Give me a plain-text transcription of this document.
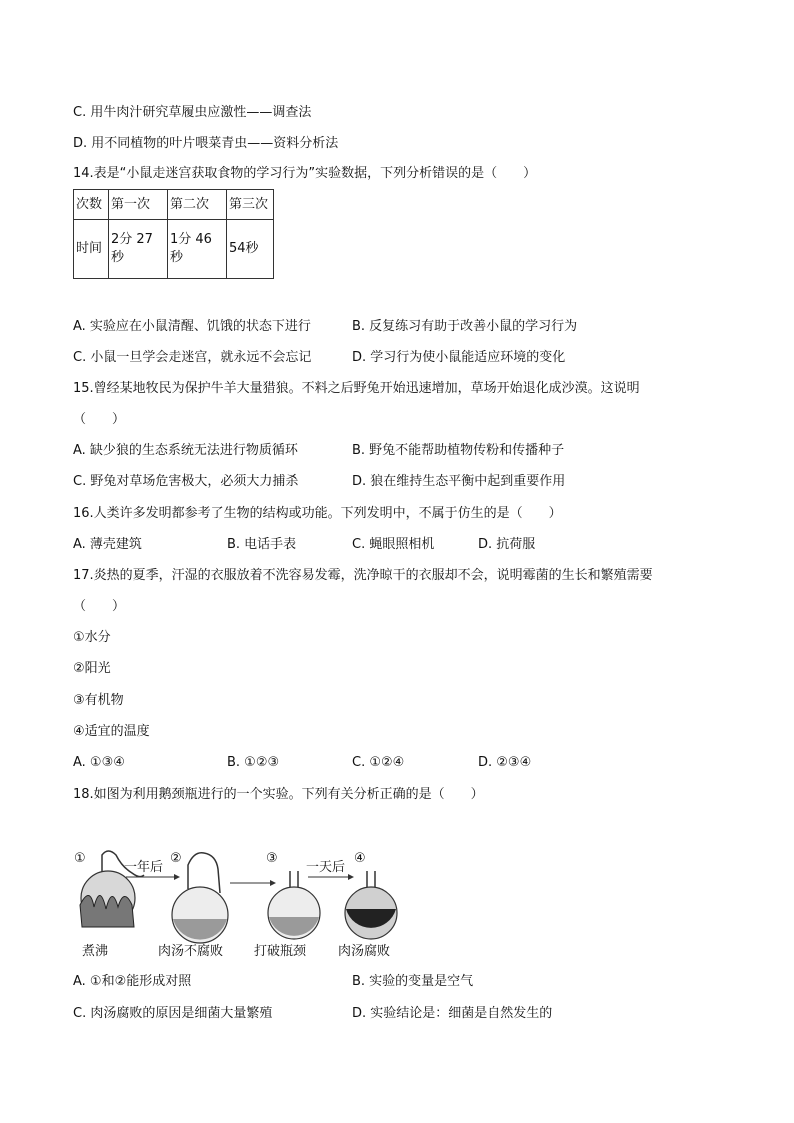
C. 用牛肉汁研究草履虫应激性——调查法
D. 用不同植物的叶片喂菜青虫——资料分析法
14.表是“小鼠走迷宫获取食物的学习行为”实验数据，下列分析错误的是（　　）
次数	第一次	第二次	第三次
时间	2分 27秒	1分 46秒	54秒
A. 实验应在小鼠清醒、饥饿的状态下进行	B. 反复练习有助于改善小鼠的学习行为
C. 小鼠一旦学会走迷宫，就永远不会忘记	D. 学习行为使小鼠能适应环境的变化
15.曾经某地牧民为保护牛羊大量猎狼。不料之后野兔开始迅速增加，草场开始退化成沙漠。这说明
（　　）
A. 缺少狼的生态系统无法进行物质循环	B. 野兔不能帮助植物传粉和传播种子
C. 野兔对草场危害极大，必须大力捕杀	D. 狼在维持生态平衡中起到重要作用
16.人类许多发明都参考了生物的结构或功能。下列发明中，不属于仿生的是（　　）
A. 薄壳建筑	B. 电话手表	C. 蝇眼照相机	D. 抗荷服
17.炎热的夏季，汗湿的衣服放着不洗容易发霉，洗净晾干的衣服却不会，说明霉菌的生长和繁殖需要
（　　）
①水分
②阳光
③有机物
④适宜的温度
A. ①③④	B. ①②③	C. ①②④	D. ②③④
18.如图为利用鹅颈瓶进行的一个实验。下列有关分析正确的是（　　）
①
煮沸
一年后
②
肉汤不腐败
③
打破瓶颈
一天后
④
肉汤腐败
A. ①和②能形成对照	B. 实验的变量是空气
C. 肉汤腐败的原因是细菌大量繁殖	D. 实验结论是：细菌是自然发生的
